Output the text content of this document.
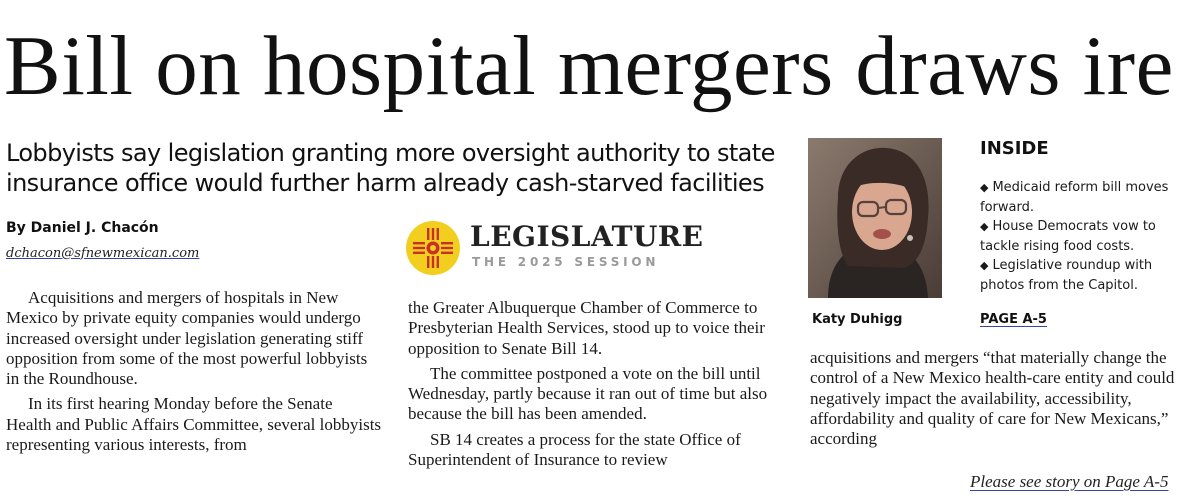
Bill on hospital mergers draws ire
Lobbyists say legislation granting more oversight authority to state insurance office would further harm already cash-starved facilities
By Daniel J. Chacón
dchacon@sfnewmexican.com
LEGISLATURE
THE 2025 SESSION

Acquisitions and mergers of hospitals in New Mexico by private equity companies would undergo increased oversight under legislation generating stiff opposition from some of the most powerful lobbyists in the Roundhouse.

In its first hearing Monday before the Senate Health and Public Affairs Committee, several lobbyists representing various interests, from

the Greater Albuquerque Chamber of Commerce to Presbyterian Health Services, stood up to voice their opposition to Senate Bill 14.

The committee postponed a vote on the bill until Wednesday, partly because it ran out of time but also because the bill has been amended.

SB 14 creates a process for the state Office of Superintendent of Insurance to review

acquisitions and mergers “that materially change the control of a New Mexico health-care entity and could negatively impact the availability, accessibility, affordability and quality of care for New Mexicans,” according

Katy Duhigg
INSIDE
◆ Medicaid reform bill moves forward.
◆ House Democrats vow to tackle rising food costs.
◆ Legislative roundup with photos from the Capitol.
PAGE A-5
Please see story on Page A-5
